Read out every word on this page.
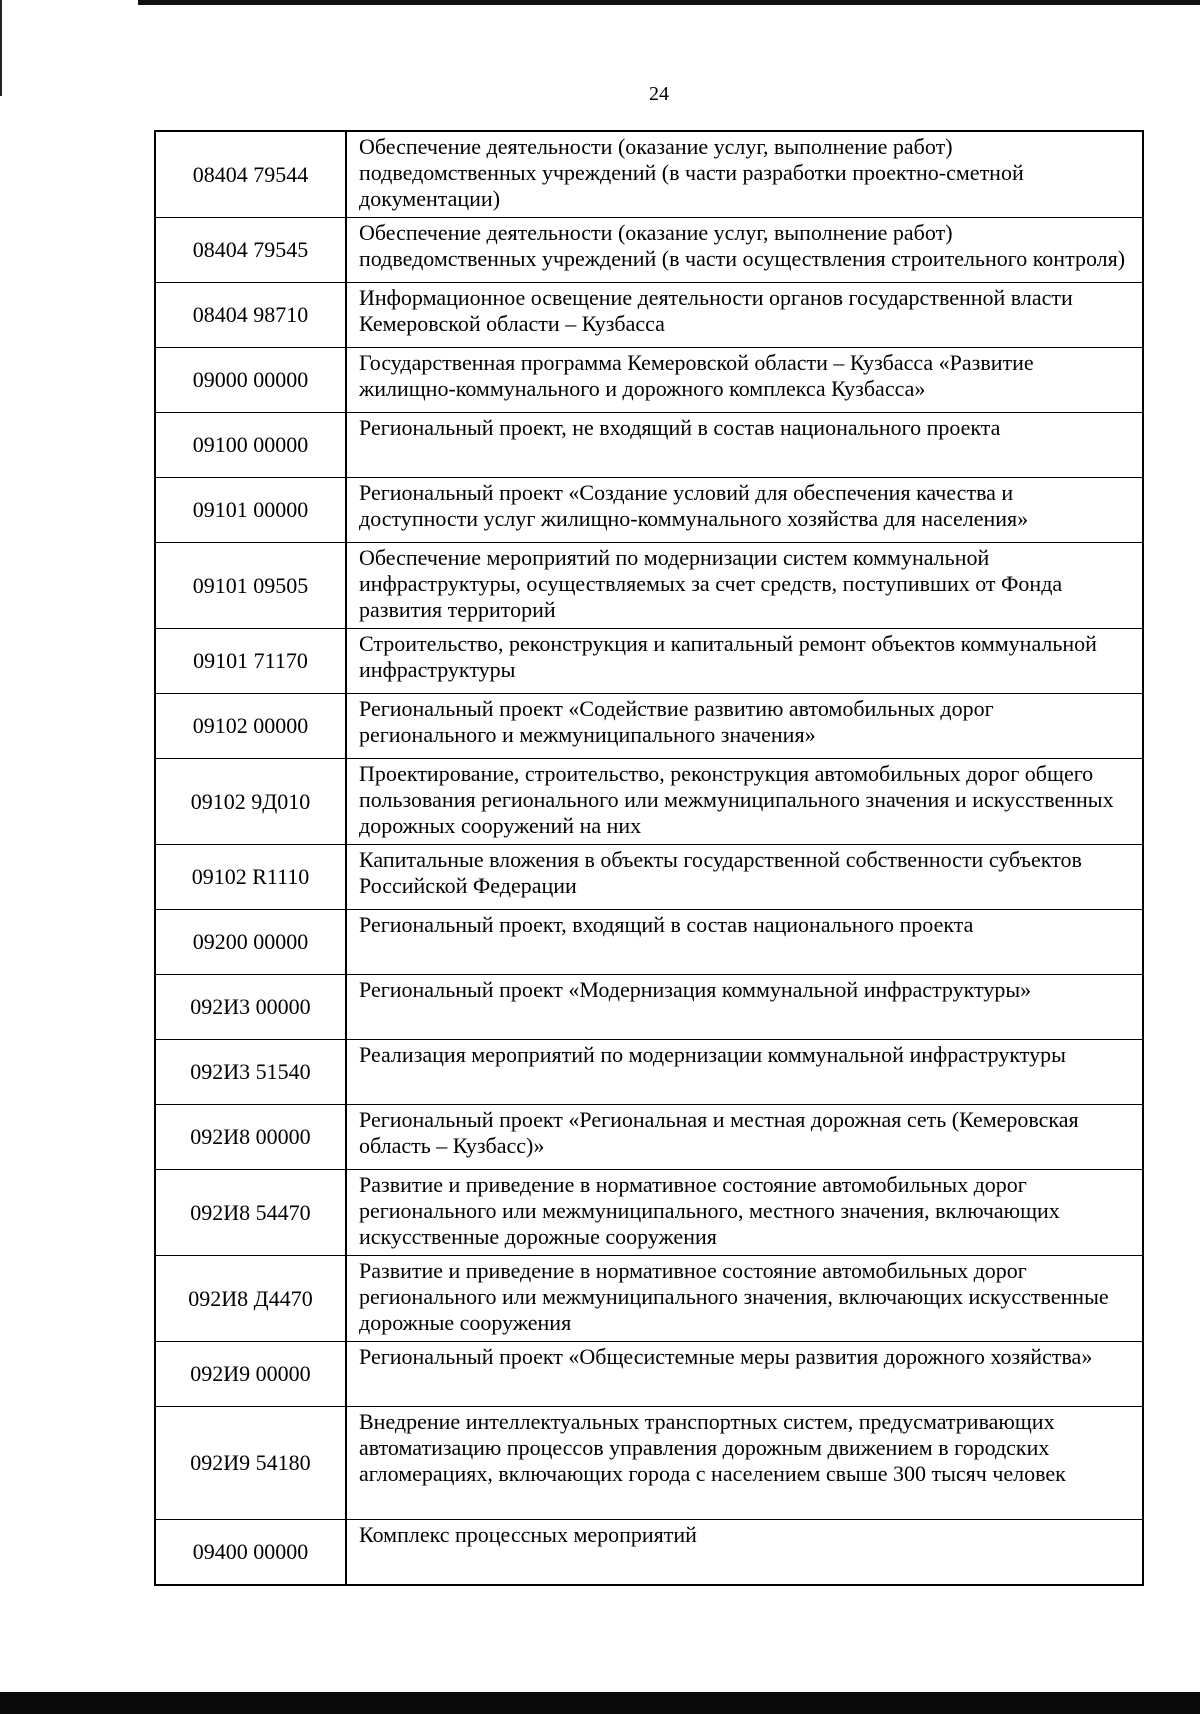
24
08404 79544
Обеспечение деятельности (оказание услуг, выполнение работ) подведомственных учреждений (в части разработки проектно-сметной документации)
08404 79545
Обеспечение деятельности (оказание услуг, выполнение работ) подведомственных учреждений (в части осуществления строительного контроля)
08404 98710
Информационное освещение деятельности органов государственной власти Кемеровской области – Кузбасса
09000 00000
Государственная программа Кемеровской области – Кузбасса «Развитие жилищно-коммунального и дорожного комплекса Кузбасса»
09100 00000
Региональный проект, не входящий в состав национального проекта
09101 00000
Региональный проект «Создание условий для обеспечения качества и доступности услуг жилищно-коммунального хозяйства для населения»
09101 09505
Обеспечение мероприятий по модернизации систем коммунальной инфраструктуры, осуществляемых за счет средств, поступивших от Фонда развития территорий
09101 71170
Строительство, реконструкция и капитальный ремонт объектов коммунальной инфраструктуры
09102 00000
Региональный проект «Содействие развитию автомобильных дорог регионального и межмуниципального значения»
09102 9Д010
Проектирование, строительство, реконструкция автомобильных дорог общего пользования регионального или межмуниципального значения и искусственных дорожных сооружений на них
09102 R1110
Капитальные вложения в объекты государственной собственности субъектов Российской Федерации
09200 00000
Региональный проект, входящий в состав национального проекта
092И3 00000
Региональный проект «Модернизация коммунальной инфраструктуры»
092И3 51540
Реализация мероприятий по модернизации коммунальной инфраструктуры
092И8 00000
Региональный проект «Региональная и местная дорожная сеть (Кемеровская область – Кузбасс)»
092И8 54470
Развитие и приведение в нормативное состояние автомобильных дорог регионального или межмуниципального, местного значения, включающих искусственные дорожные сооружения
092И8 Д4470
Развитие и приведение в нормативное состояние автомобильных дорог регионального или межмуниципального значения, включающих искусственные дорожные сооружения
092И9 00000
Региональный проект «Общесистемные меры развития дорожного хозяйства»
092И9 54180
Внедрение интеллектуальных транспортных систем, предусматривающих автоматизацию процессов управления дорожным движением в городских агломерациях, включающих города с населением свыше 300 тысяч человек
09400 00000
Комплекс процессных мероприятий
